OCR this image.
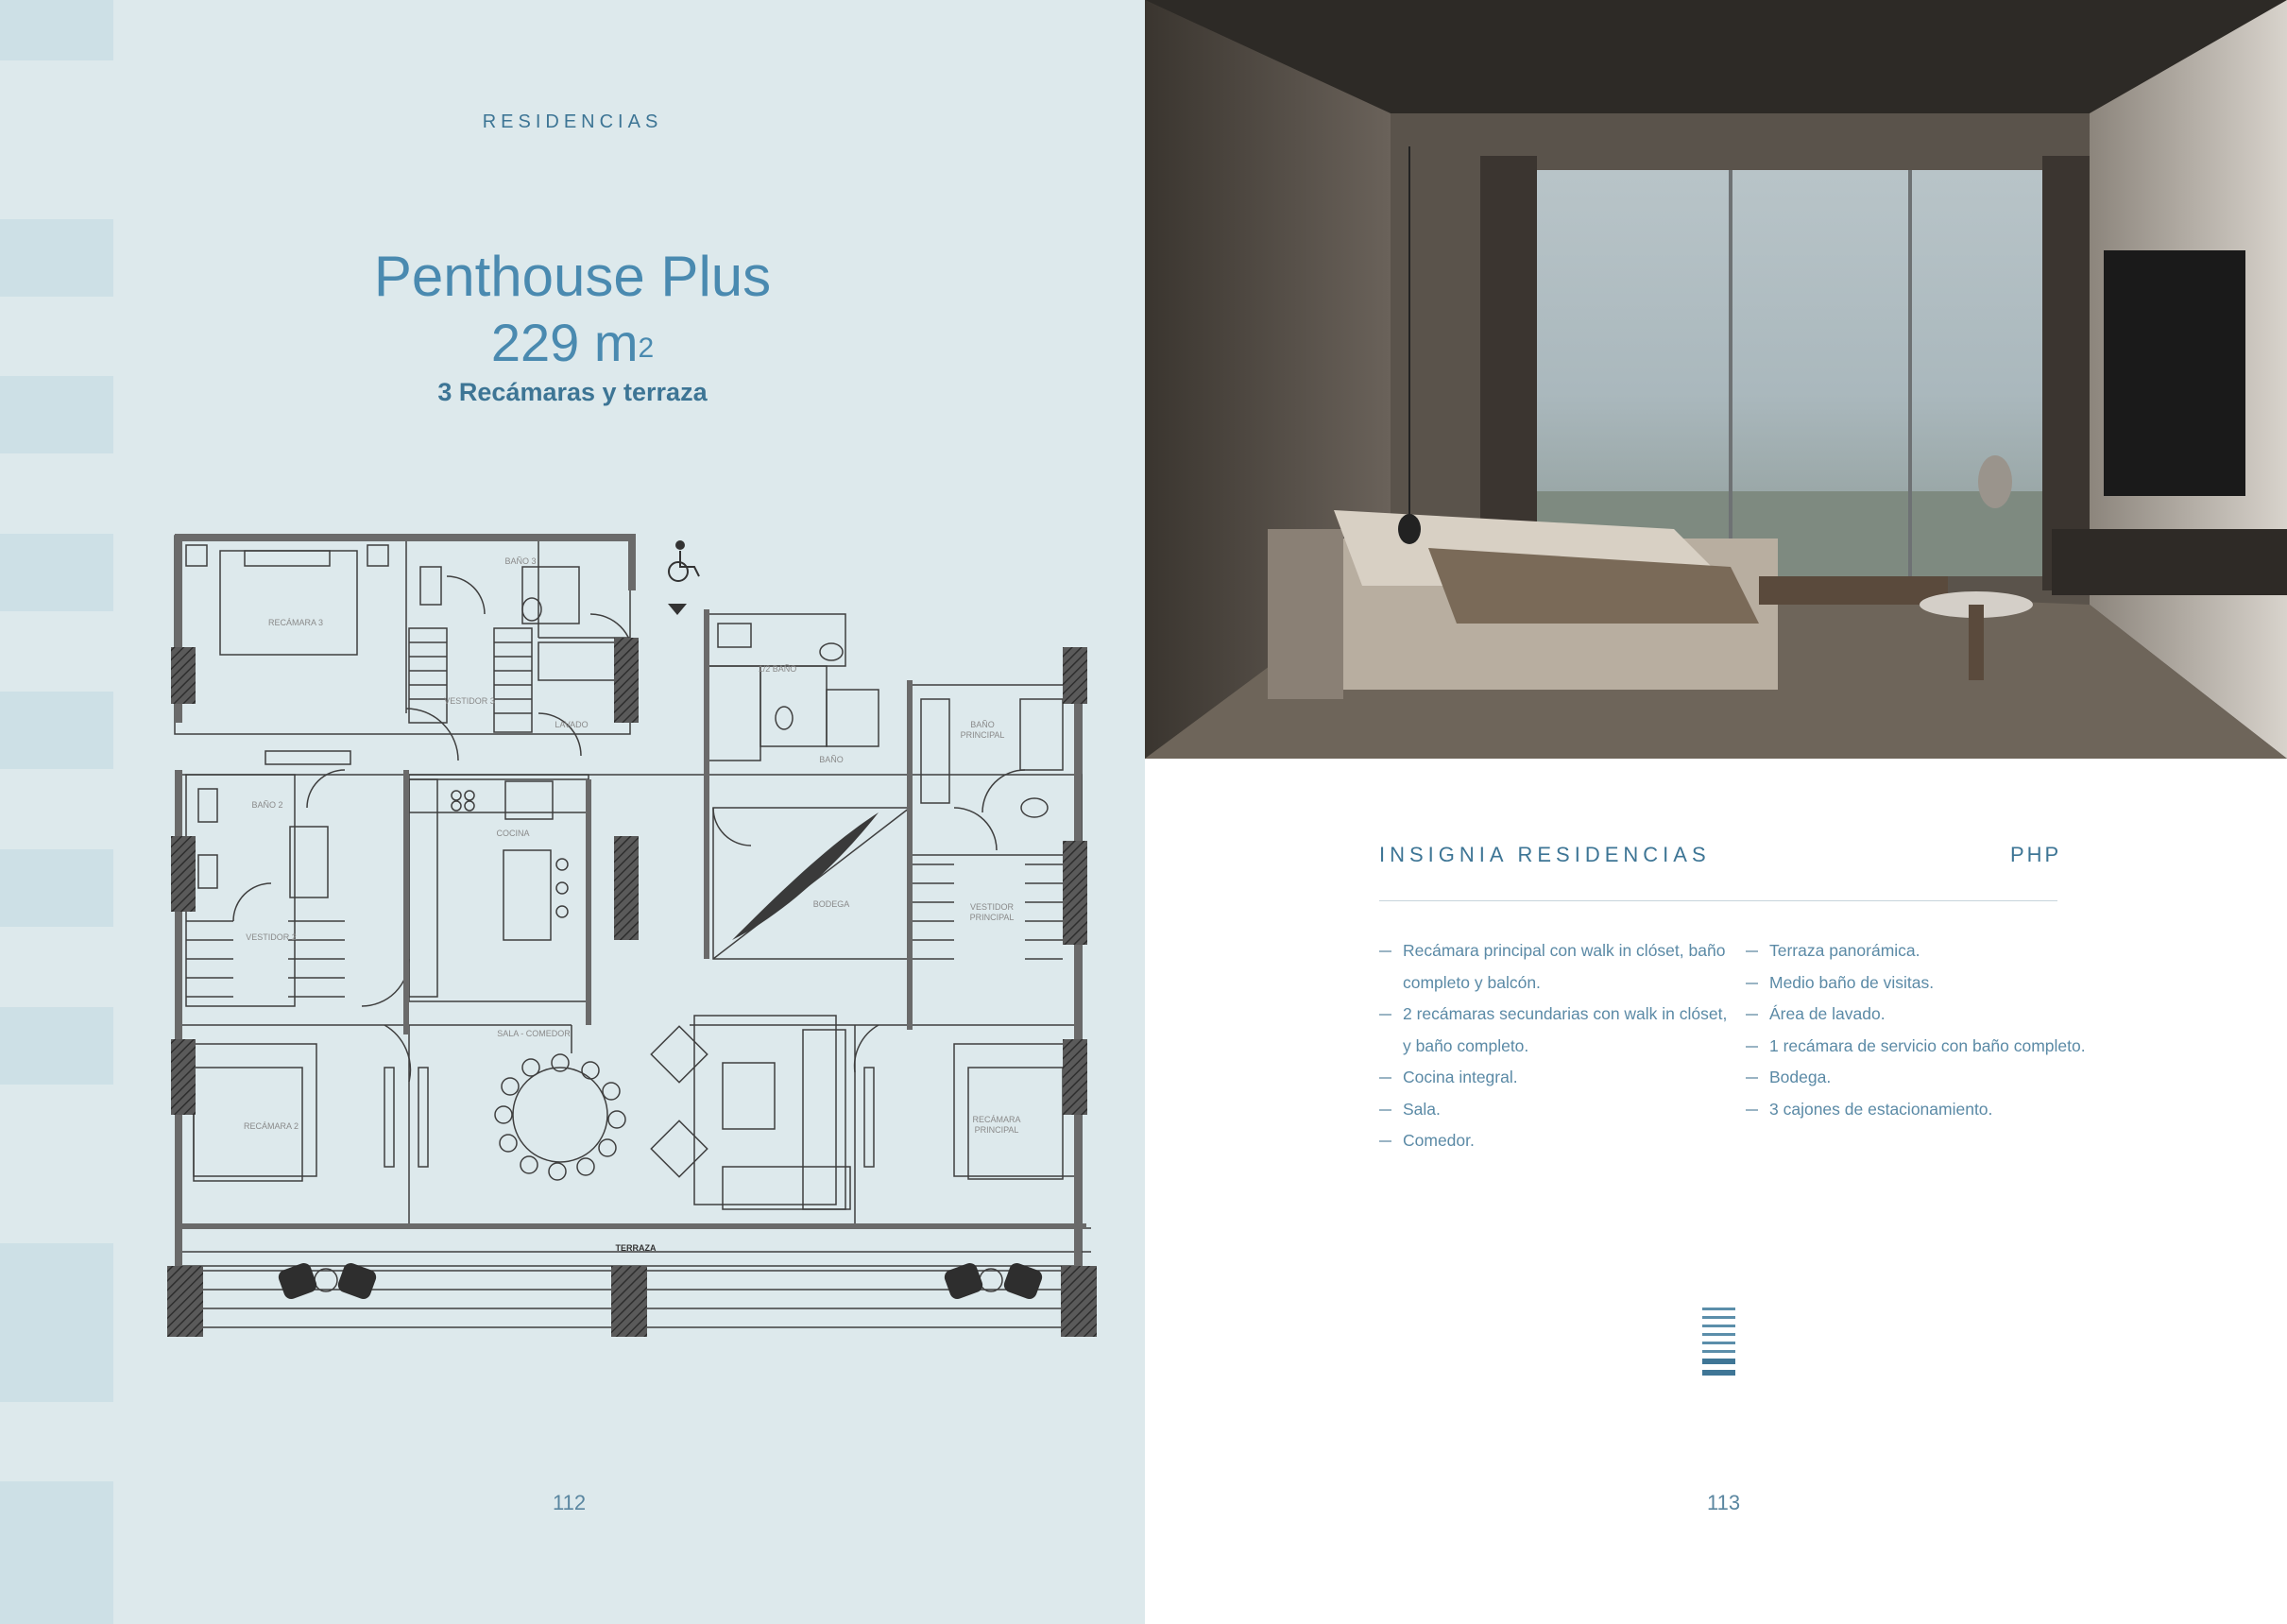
RESIDENCIAS
Penthouse Plus
229 $m^2$
3 Recámaras y terraza
RECÁMARA 3
BAÑO 3
VESTIDOR 3
LAVADO
BAÑO 2
VESTIDOR 2
COCINA
1/2 BAÑO
BAÑO
BAÑO
PRINCIPAL
BODEGA	VESTIDOR
PRINCIPAL
SALA - COMEDOR
RECÁMARA 2
RECÁMARA
PRINCIPAL
TERRAZA
112
INSIGNIA RESIDENCIAS	PHP
Recámara principal con walk in clóset, baño completo y balcón.
2 recámaras secundarias con walk in clóset, y baño completo.
Cocina integral.
Sala.
Comedor.
Terraza panorámica.
Medio baño de visitas.
Área de lavado.
1 recámara de servicio con baño completo.
Bodega.
3 cajones de estacionamiento.
113
